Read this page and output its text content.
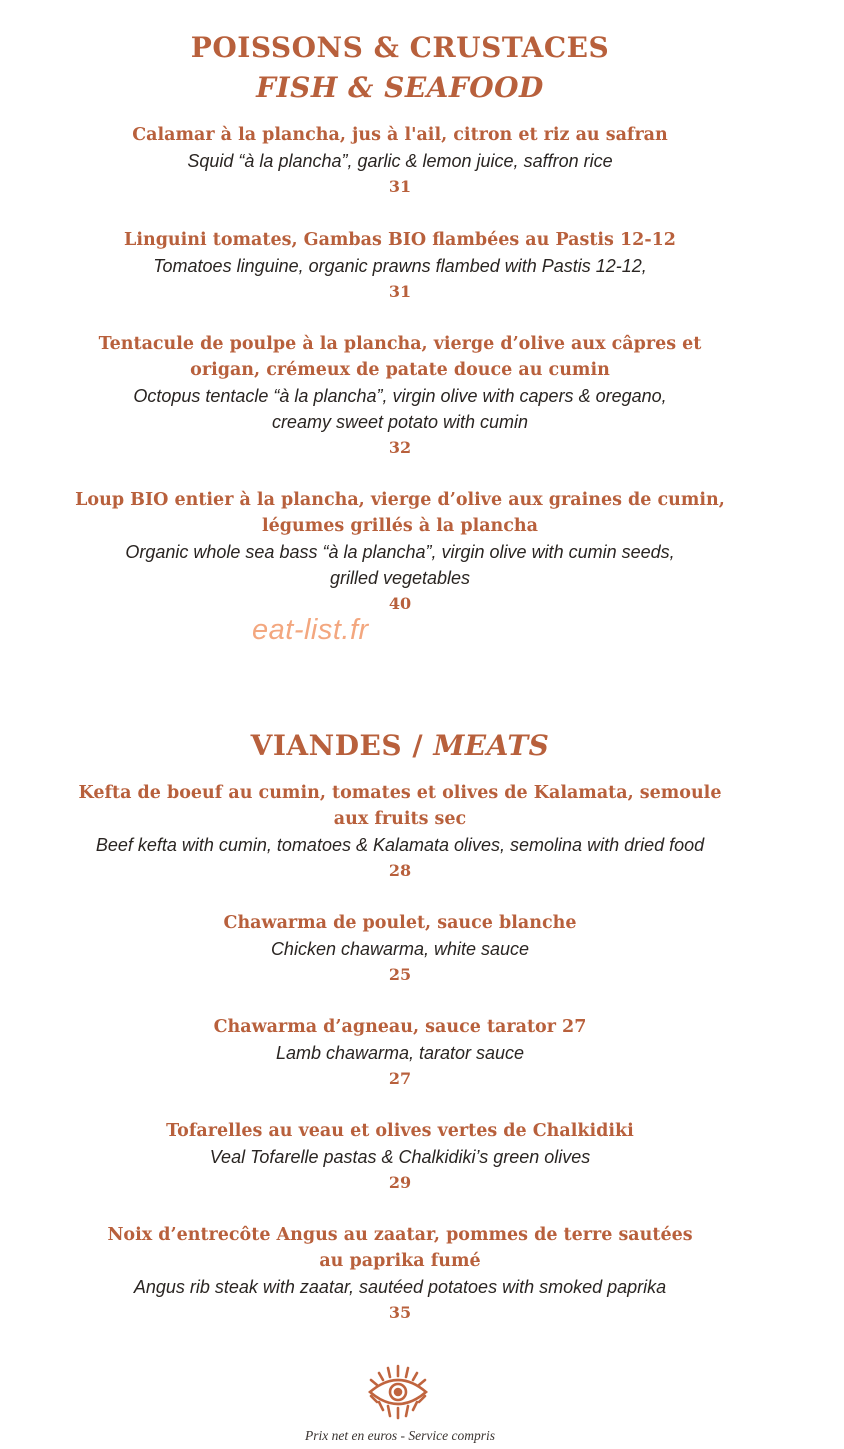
POISSONS & CRUSTACES
FISH & SEAFOOD
Calamar à la plancha, jus à l'ail, citron et riz au safran
Squid “à la plancha”, garlic & lemon juice, saffron rice
31
Linguini tomates, Gambas BIO flambées au Pastis 12-12
Tomatoes linguine, organic prawns flambed with Pastis 12-12,
31
Tentacule de poulpe à la plancha, vierge d’olive aux câpres et
origan, crémeux de patate douce au cumin
Octopus tentacle “à la plancha”, virgin olive with capers & oregano,
creamy sweet potato with cumin
32
Loup BIO entier à la plancha, vierge d’olive aux graines de cumin,
légumes grillés à la plancha
Organic whole sea bass “à la plancha”, virgin olive with cumin seeds,
grilled vegetables
40
eat-list.fr
VIANDES / MEATS
Kefta de boeuf au cumin, tomates et olives de Kalamata, semoule
aux fruits sec
Beef kefta with cumin, tomatoes & Kalamata olives, semolina with dried food
28
Chawarma de poulet, sauce blanche
Chicken chawarma, white sauce
25
Chawarma d’agneau, sauce tarator 27
Lamb chawarma, tarator sauce
27
Tofarelles au veau et olives vertes de Chalkidiki
Veal Tofarelle pastas & Chalkidiki’s green olives
29
Noix d’entrecôte Angus au zaatar, pommes de terre sautées
au paprika fumé
Angus rib steak with zaatar, sautéed potatoes with smoked paprika
35
Prix net en euros - Service compris
